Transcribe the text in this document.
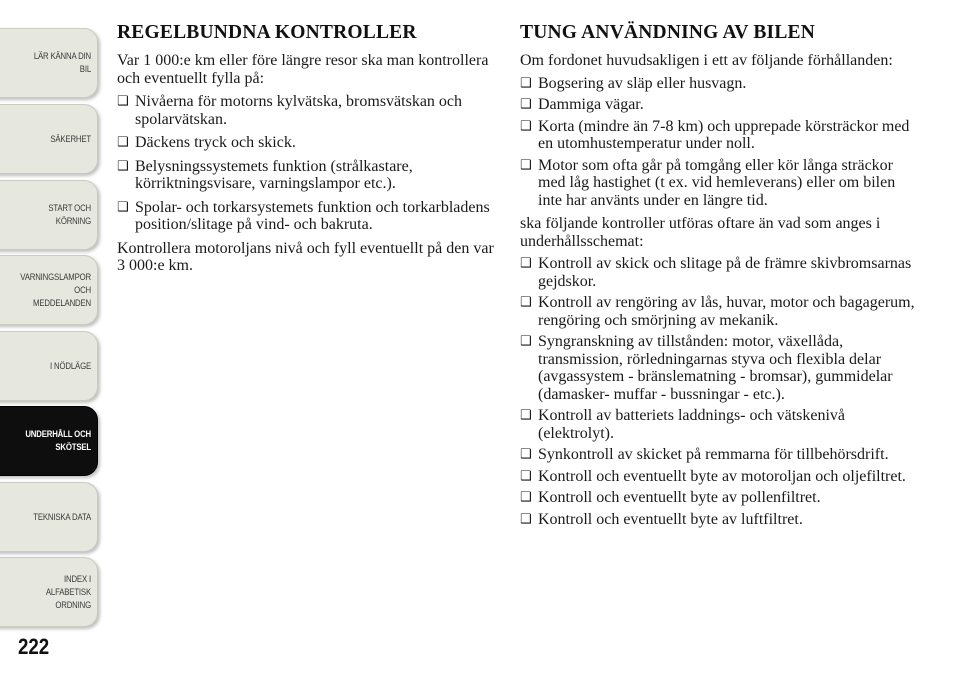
LÄR KÄNNA DIN
BIL
SÄKERHET
START OCH
KÖRNING
VARNINGSLAMPOR
OCH
MEDDELANDEN
I NÖDLÄGE
UNDERHÅLL OCH
SKÖTSEL
TEKNISKA DATA
INDEX I
ALFABETISK
ORDNING
222
REGELBUNDNA KONTROLLER

Var 1 000:e km eller före längre resor ska man kontrollera och eventuellt fylla på:

❑ Nivåerna för motorns kylvätska, bromsvätskan och spolarvätskan.
❑ Däckens tryck och skick.
❑ Belysningssystemets funktion (strålkastare, körriktningsvisare, varningslampor etc.).
❑ Spolar- och torkarsystemets funktion och torkarbladens position/slitage på vind- och bakruta.

Kontrollera motoroljans nivå och fyll eventuellt på den var 3 000:e km.

TUNG ANVÄNDNING AV BILEN

Om fordonet huvudsakligen i ett av följande förhållanden:

❑ Bogsering av släp eller husvagn.
❑ Dammiga vägar.
❑ Korta (mindre än 7-8 km) och upprepade körsträckor med en utomhustemperatur under noll.
❑ Motor som ofta går på tomgång eller kör långa sträckor med låg hastighet (t ex. vid hemleverans) eller om bilen inte har använts under en längre tid.

ska följande kontroller utföras oftare än vad som anges i underhållsschemat:

❑ Kontroll av skick och slitage på de främre skivbromsarnas gejdskor.
❑ Kontroll av rengöring av lås, huvar, motor och bagagerum, rengöring och smörjning av mekanik.
❑ Syngranskning av tillstånden: motor, växellåda, transmission, rörledningarnas styva och flexibla delar (avgassystem - bränslematning - bromsar), gummidelar (damasker- muffar - bussningar - etc.).
❑ Kontroll av batteriets laddnings- och vätskenivå (elektrolyt).
❑ Synkontroll av skicket på remmarna för tillbehörsdrift.
❑ Kontroll och eventuellt byte av motoroljan och oljefiltret.
❑ Kontroll och eventuellt byte av pollenfiltret.
❑ Kontroll och eventuellt byte av luftfiltret.
